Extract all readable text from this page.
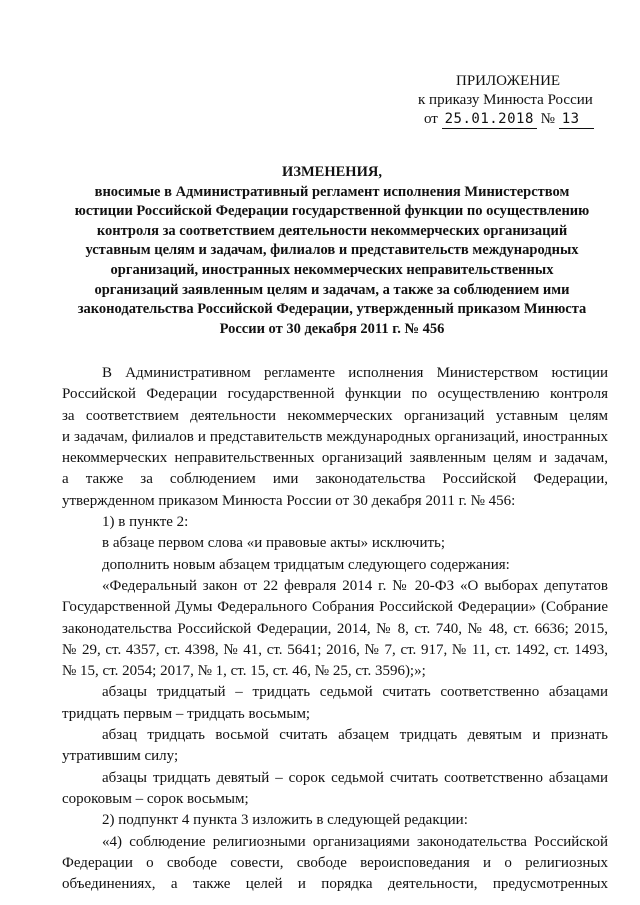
ПРИЛОЖЕНИЕ
к приказу Минюста России
от 25.01.2018 № 13
ИЗМЕНЕНИЯ,
вносимые в Административный регламент исполнения Министерством
юстиции Российской Федерации государственной функции по осуществлению
контроля за соответствием деятельности некоммерческих организаций
уставным целям и задачам, филиалов и представительств международных
организаций, иностранных некоммерческих неправительственных
организаций заявленным целям и задачам, а также за соблюдением ими
законодательства Российской Федерации, утвержденный приказом Минюста
России от 30 декабря 2011 г. № 456
В Административном регламенте исполнения Министерством юстиции
Российской Федерации государственной функции по осуществлению контроля
за соответствием деятельности некоммерческих организаций уставным целям
и задачам, филиалов и представительств международных организаций, иностранных
некоммерческих неправительственных организаций заявленным целям и задачам,
а также за соблюдением ими законодательства Российской Федерации,
утвержденном приказом Минюста России от 30 декабря 2011 г. № 456:
1) в пункте 2:
в абзаце первом слова «и правовые акты» исключить;
дополнить новым абзацем тридцатым следующего содержания:
«Федеральный закон от 22 февраля 2014 г. № 20-ФЗ «О выборах депутатов
Государственной Думы Федерального Собрания Российской Федерации» (Собрание
законодательства Российской Федерации, 2014, № 8, ст. 740, № 48, ст. 6636; 2015,
№ 29, ст. 4357, ст. 4398, № 41, ст. 5641; 2016, № 7, ст. 917, № 11, ст. 1492, ст. 1493,
№ 15, ст. 2054; 2017, № 1, ст. 15, ст. 46, № 25, ст. 3596);»;
абзацы тридцатый – тридцать седьмой считать соответственно абзацами
тридцать первым – тридцать восьмым;
абзац тридцать восьмой считать абзацем тридцать девятым и признать
утратившим силу;
абзацы тридцать девятый – сорок седьмой считать соответственно абзацами
сороковым – сорок восьмым;
2) подпункт 4 пункта 3 изложить в следующей редакции:
«4) соблюдение религиозными организациями законодательства Российской
Федерации о свободе совести, свободе вероисповедания и о религиозных
объединениях, а также целей и порядка деятельности, предусмотренных
